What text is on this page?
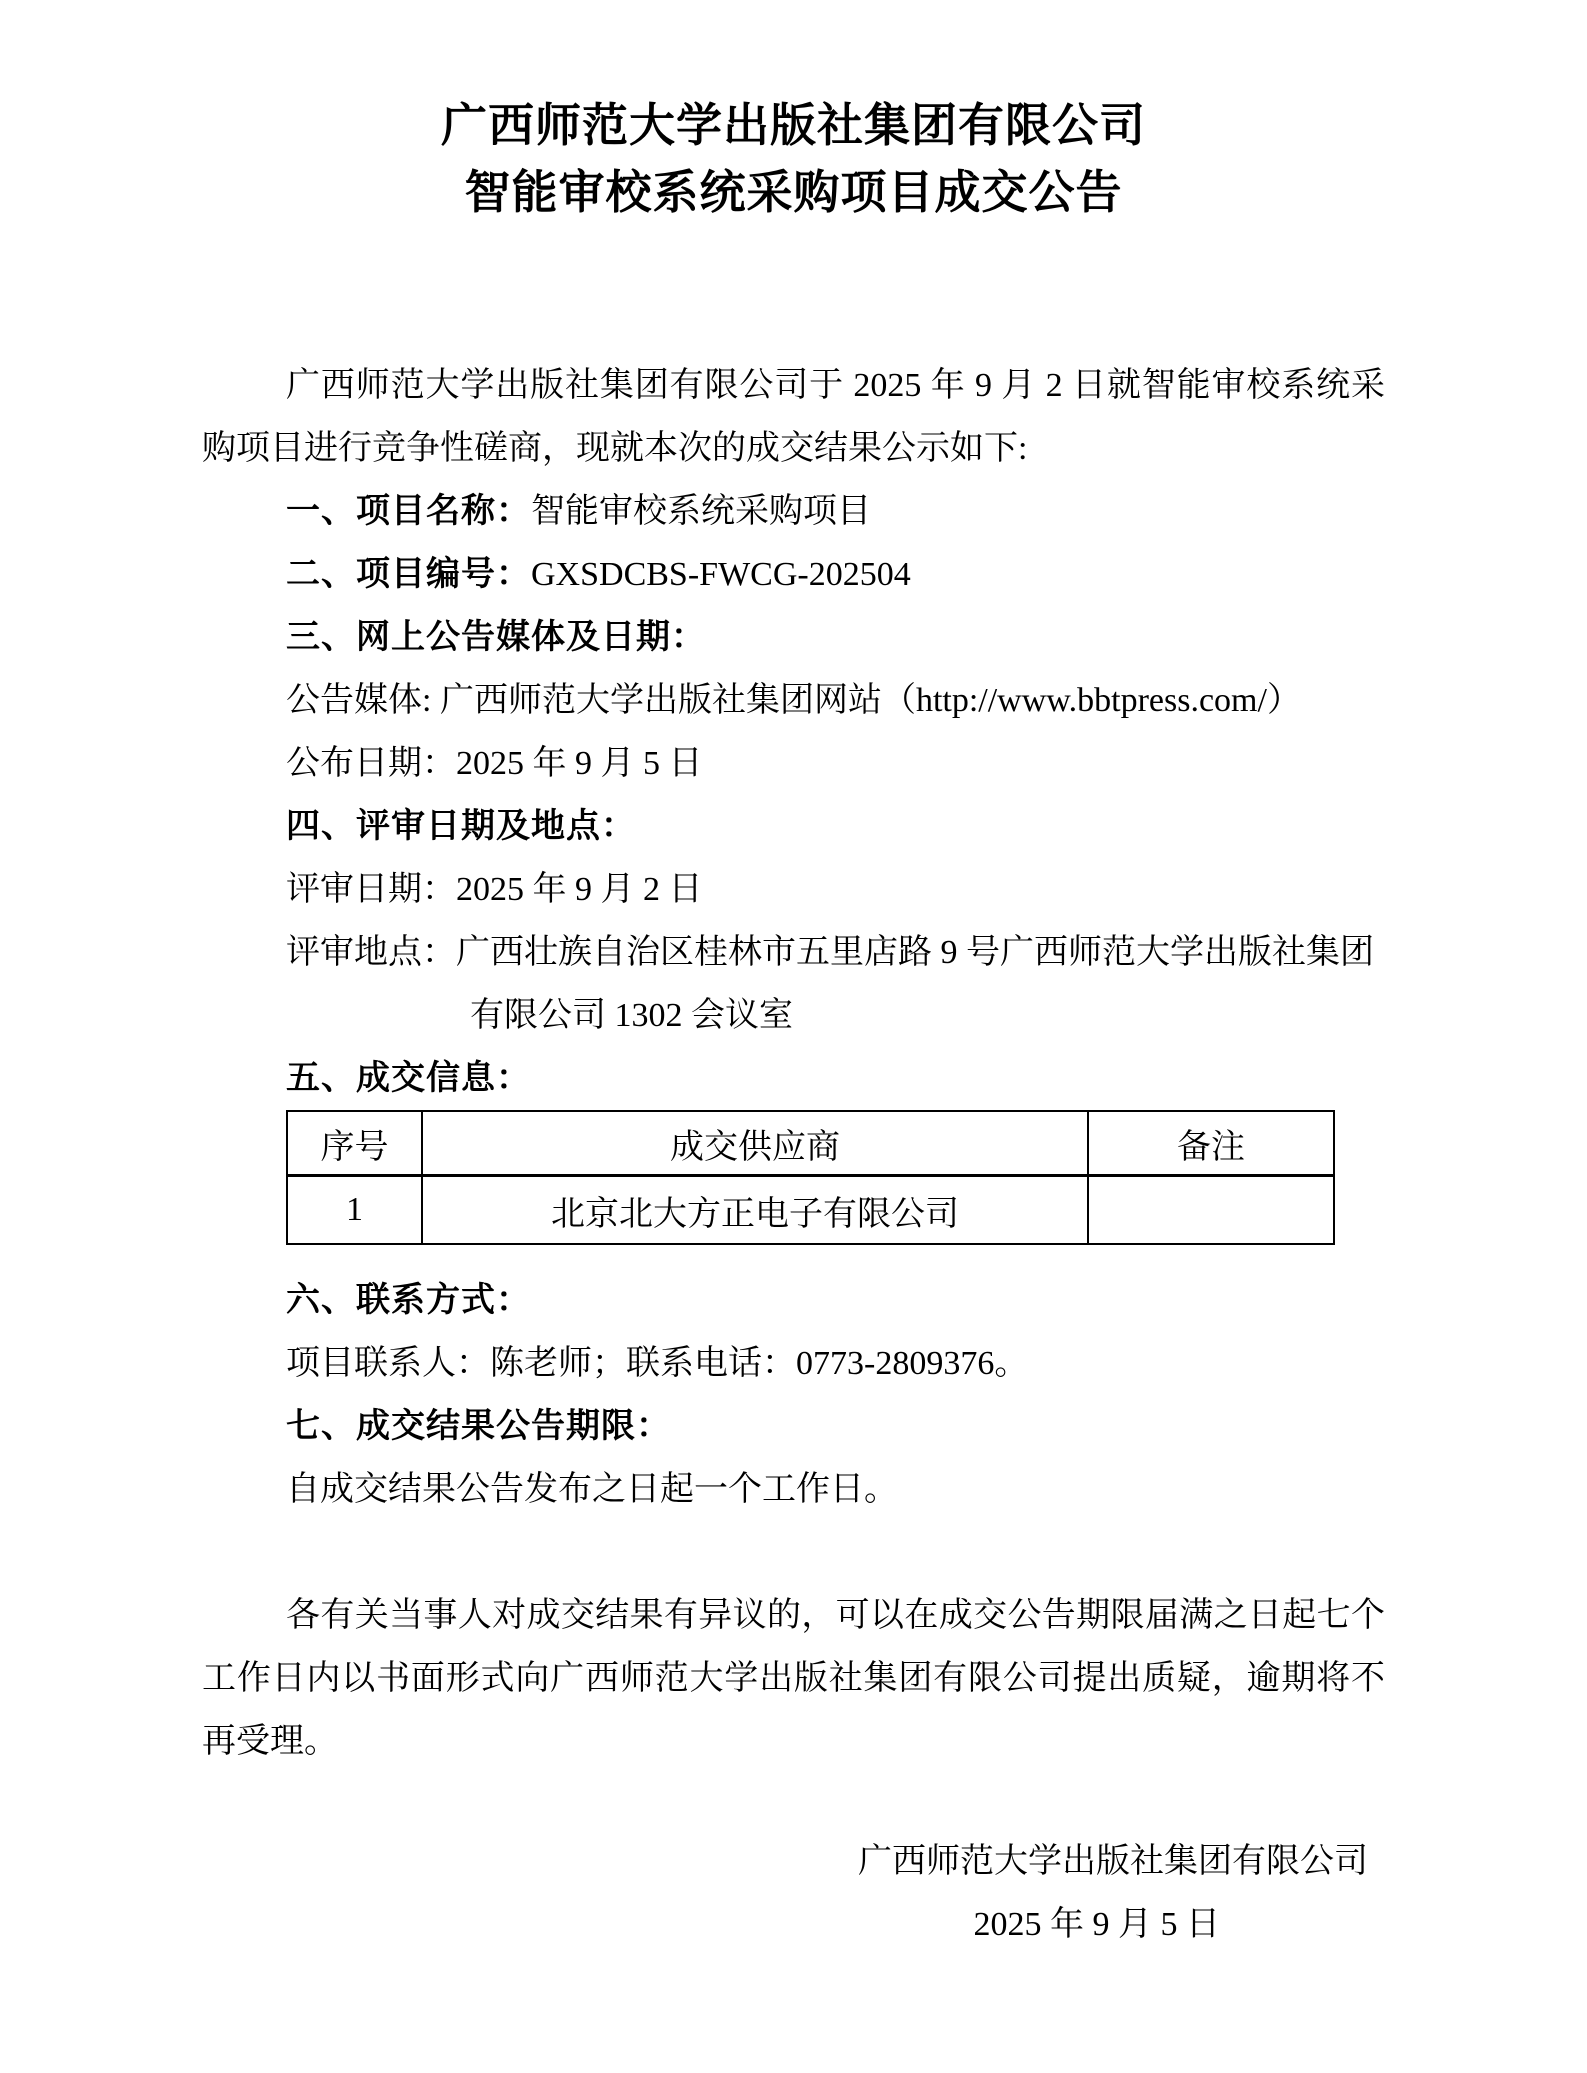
广西师范大学出版社集团有限公司
智能审校系统采购项目成交公告
广西师范大学出版社集团有限公司于 2025 年 9 月 2 日就智能审校系统采购项目进行竞争性磋商，现就本次的成交结果公示如下:
一、项目名称：智能审校系统采购项目
二、项目编号：GXSDCBS-FWCG-202504
三、网上公告媒体及日期：
公告媒体: 广西师范大学出版社集团网站（http://www.bbtpress.com/）
公布日期：2025 年 9 月 5 日
四、评审日期及地点：
评审日期：2025 年 9 月 2 日
评审地点：广西壮族自治区桂林市五里店路 9 号广西师范大学出版社集团
有限公司 1302 会议室
五、成交信息：
序号	成交供应商	备注
1	北京北大方正电子有限公司	
六、联系方式：
项目联系人：陈老师；联系电话：0773-2809376。
七、成交结果公告期限：
自成交结果公告发布之日起一个工作日。
各有关当事人对成交结果有异议的，可以在成交公告期限届满之日起七个工作日内以书面形式向广西师范大学出版社集团有限公司提出质疑，逾期将不再受理。
广西师范大学出版社集团有限公司
2025 年 9 月 5 日
